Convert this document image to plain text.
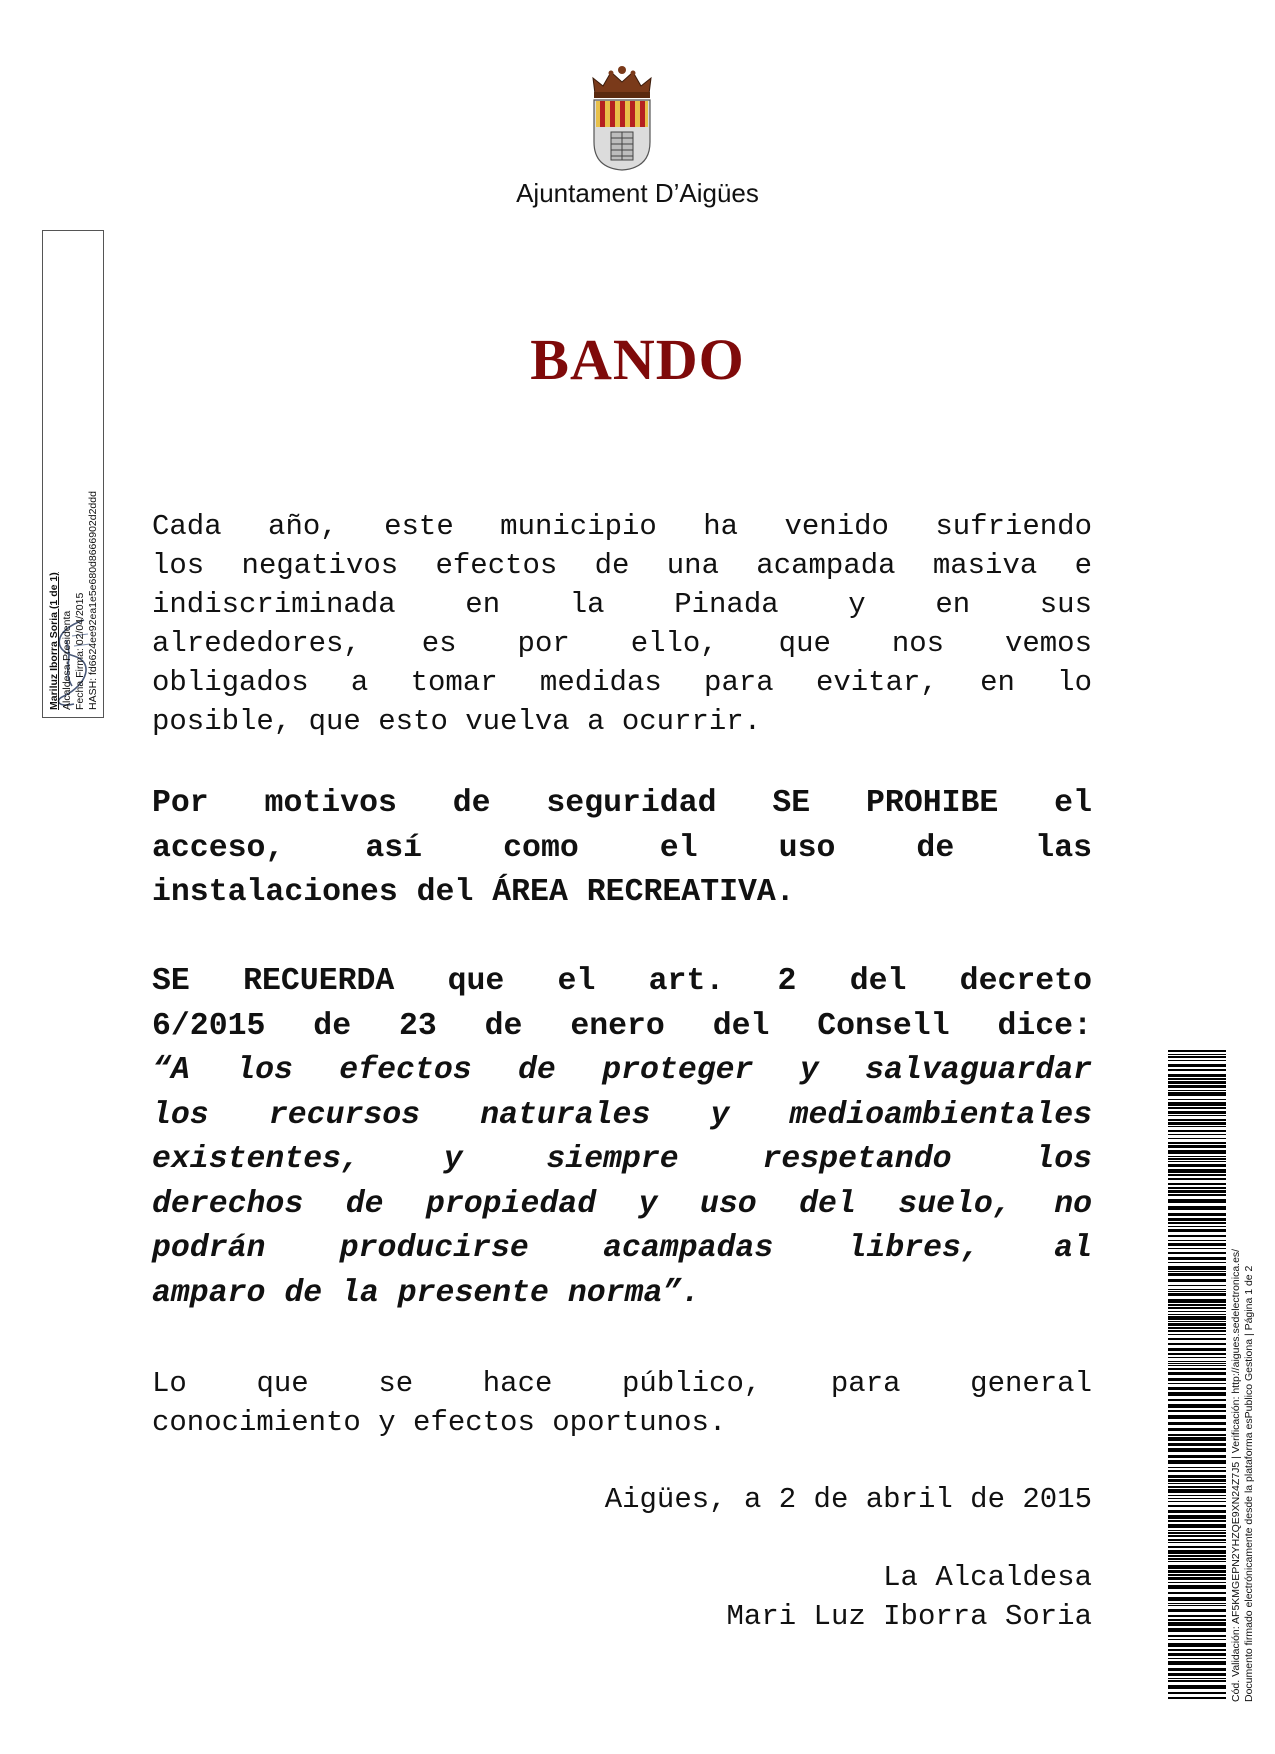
Ajuntament D’Aigües
BANDO
Cada año, este municipio ha venido sufriendo
los negativos efectos de una acampada masiva e
indiscriminada en la Pinada y en sus
alrededores, es por ello, que nos vemos
obligados a tomar medidas para evitar, en lo
posible, que esto vuelva a ocurrir.
Por motivos de seguridad SE PROHIBE el
acceso, así como el uso de las
instalaciones del ÁREA RECREATIVA.
SE RECUERDA que el art. 2 del decreto
6/2015 de 23 de enero del Consell dice:
“A los efectos de proteger y salvaguardar
los recursos naturales y medioambientales
existentes, y siempre respetando los
derechos de propiedad y uso del suelo, no
podrán producirse acampadas libres, al
amparo de la presente norma”.
Lo que se hace público, para general
conocimiento y efectos oportunos.
Aigües, a 2 de abril de 2015
La Alcaldesa
Mari Luz Iborra Soria
Mariluz Iborra Soria (1 de 1) Alcaldesa-Presidenta Fecha Firma: 02/04/2015 HASH: fd6624ee92ea1e5e680d8666902d2ddd
Cód. Validación: AF5KMGEPN2YHZQE9XN24Z7J5 | Verificación: http://aigues.sedelectronica.es/ Documento firmado electrónicamente desde la plataforma esPublico Gestiona | Página 1 de 2
